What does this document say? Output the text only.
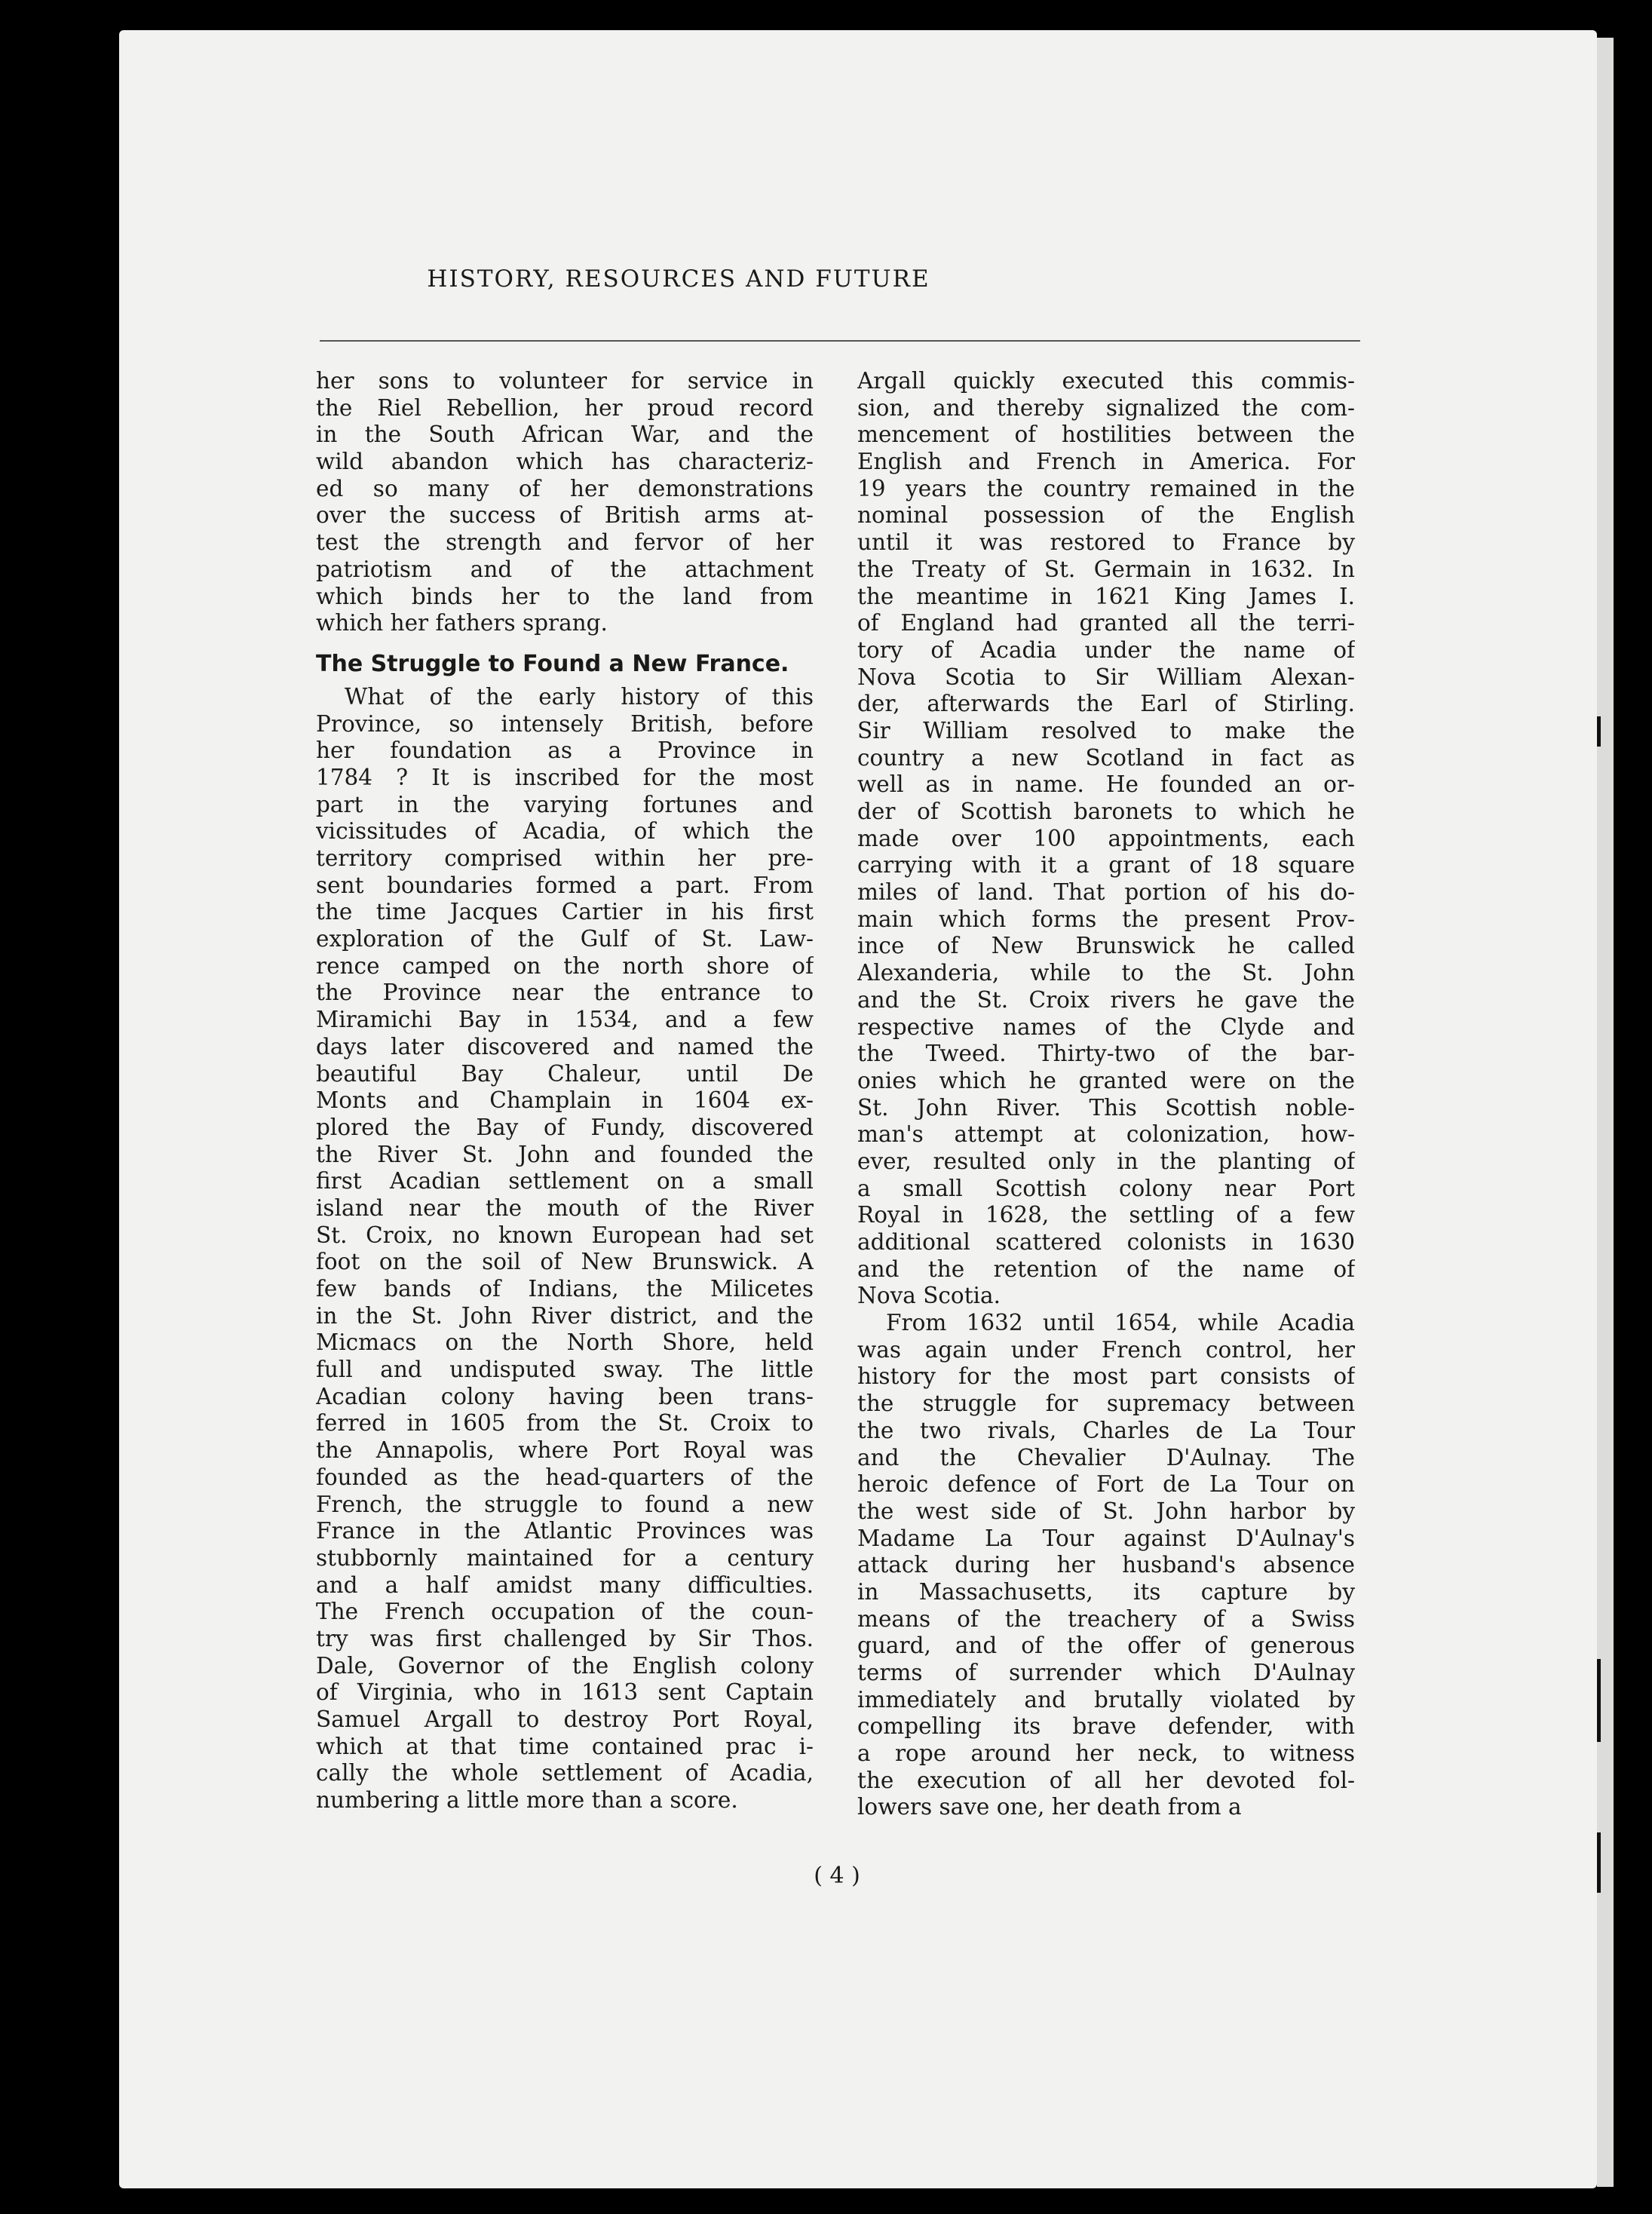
HISTORY, RESOURCES AND FUTURE
her sons to volunteer for service in
the Riel Rebellion, her proud record
in the South African War, and the
wild abandon which has characteriz-
ed so many of her demonstrations
over the success of British arms at-
test the strength and fervor of her
patriotism and of the attachment
which binds her to the land from
which her fathers sprang.
The Struggle to Found a New France.
What of the early history of this
Province, so intensely British, before
her foundation as a Province in
1784 ? It is inscribed for the most
part in the varying fortunes and
vicissitudes of Acadia, of which the
territory comprised within her pre-
sent boundaries formed a part. From
the time Jacques Cartier in his first
exploration of the Gulf of St. Law-
rence camped on the north shore of
the Province near the entrance to
Miramichi Bay in 1534, and a few
days later discovered and named the
beautiful Bay Chaleur, until De
Monts and Champlain in 1604 ex-
plored the Bay of Fundy, discovered
the River St. John and founded the
first Acadian settlement on a small
island near the mouth of the River
St. Croix, no known European had set
foot on the soil of New Brunswick. A
few bands of Indians, the Milicetes
in the St. John River district, and the
Micmacs on the North Shore, held
full and undisputed sway. The little
Acadian colony having been trans-
ferred in 1605 from the St. Croix to
the Annapolis, where Port Royal was
founded as the head-quarters of the
French, the struggle to found a new
France in the Atlantic Provinces was
stubbornly maintained for a century
and a half amidst many difficulties.
The French occupation of the coun-
try was first challenged by Sir Thos.
Dale, Governor of the English colony
of Virginia, who in 1613 sent Captain
Samuel Argall to destroy Port Royal,
which at that time contained prac i-
cally the whole settlement of Acadia,
numbering a little more than a score.
Argall quickly executed this commis-
sion, and thereby signalized the com-
mencement of hostilities between the
English and French in America. For
19 years the country remained in the
nominal possession of the English
until it was restored to France by
the Treaty of St. Germain in 1632. In
the meantime in 1621 King James I.
of England had granted all the terri-
tory of Acadia under the name of
Nova Scotia to Sir William Alexan-
der, afterwards the Earl of Stirling.
Sir William resolved to make the
country a new Scotland in fact as
well as in name. He founded an or-
der of Scottish baronets to which he
made over 100 appointments, each
carrying with it a grant of 18 square
miles of land. That portion of his do-
main which forms the present Prov-
ince of New Brunswick he called
Alexanderia, while to the St. John
and the St. Croix rivers he gave the
respective names of the Clyde and
the Tweed. Thirty-two of the bar-
onies which he granted were on the
St. John River. This Scottish noble-
man's attempt at colonization, how-
ever, resulted only in the planting of
a small Scottish colony near Port
Royal in 1628, the settling of a few
additional scattered colonists in 1630
and the retention of the name of
Nova Scotia.
From 1632 until 1654, while Acadia
was again under French control, her
history for the most part consists of
the struggle for supremacy between
the two rivals, Charles de La Tour
and the Chevalier D'Aulnay. The
heroic defence of Fort de La Tour on
the west side of St. John harbor by
Madame La Tour against D'Aulnay's
attack during her husband's absence
in Massachusetts, its capture by
means of the treachery of a Swiss
guard, and of the offer of generous
terms of surrender which D'Aulnay
immediately and brutally violated by
compelling its brave defender, with
a rope around her neck, to witness
the execution of all her devoted fol-
lowers save one, her death from a
( 4 )
